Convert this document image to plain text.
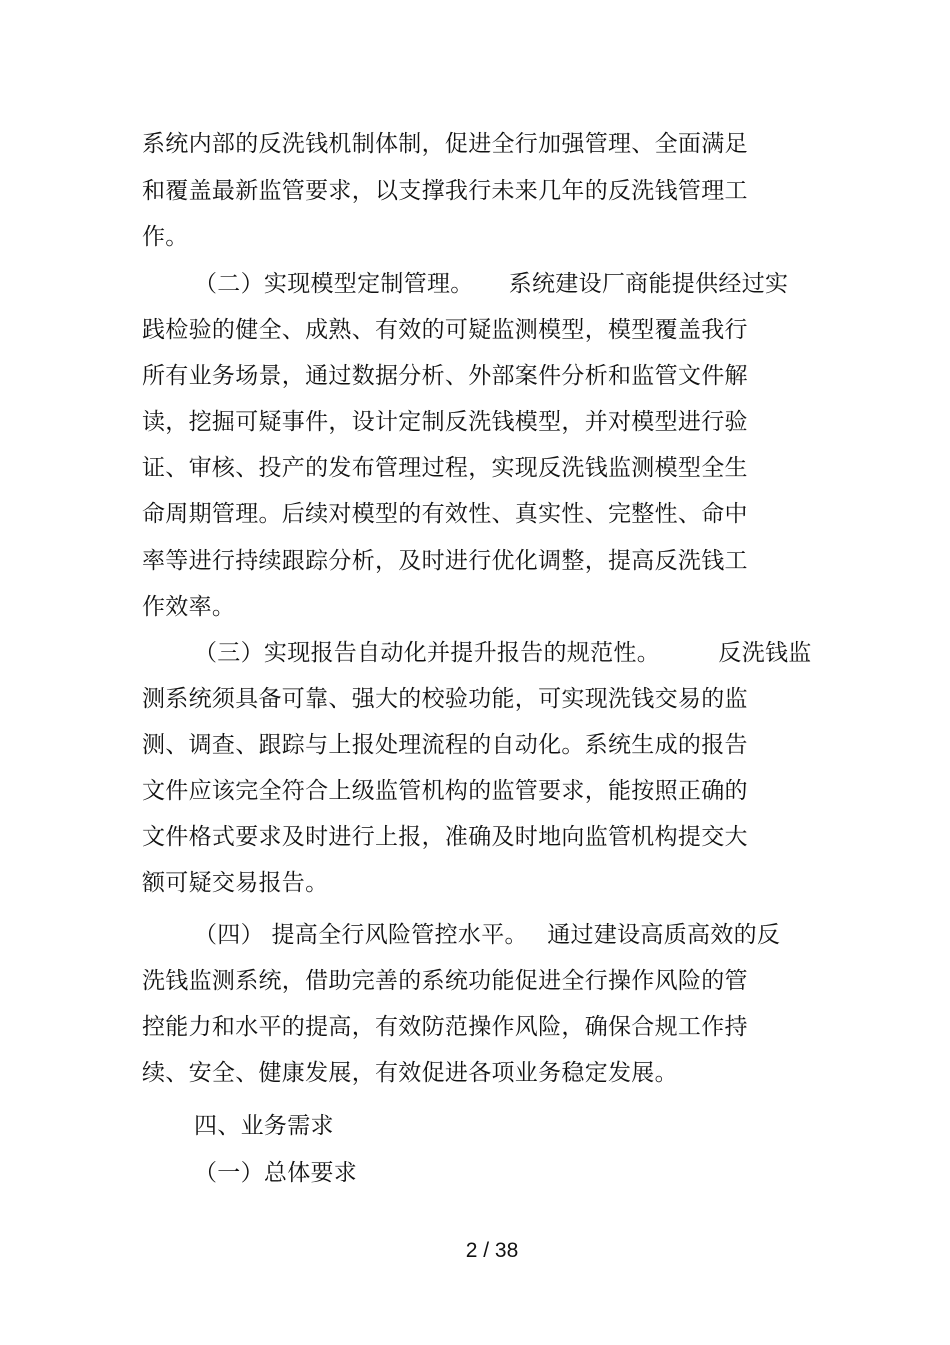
系统内部的反洗钱机制体制，促进全行加强管理、全面满足
和覆盖最新监管要求，以支撑我行未来几年的反洗钱管理工
作。
（二）实现模型定制管理。　　系统建设厂商能提供经过实
践检验的健全、成熟、有效的可疑监测模型，模型覆盖我行
所有业务场景，通过数据分析、外部案件分析和监管文件解
读，挖掘可疑事件，设计定制反洗钱模型，并对模型进行验
证、审核、投产的发布管理过程，实现反洗钱监测模型全生
命周期管理。后续对模型的有效性、真实性、完整性、命中
率等进行持续跟踪分析，及时进行优化调整，提高反洗钱工
作效率。
（三）实现报告自动化并提升报告的规范性。　　　反洗钱监
测系统须具备可靠、强大的校验功能，可实现洗钱交易的监
测、调查、跟踪与上报处理流程的自动化。系统生成的报告
文件应该完全符合上级监管机构的监管要求，能按照正确的
文件格式要求及时进行上报，准确及时地向监管机构提交大
额可疑交易报告。
（四） 提高全行风险管控水平。　 通过建设高质高效的反
洗钱监测系统，借助完善的系统功能促进全行操作风险的管
控能力和水平的提高，有效防范操作风险，确保合规工作持
续、安全、健康发展，有效促进各项业务稳定发展。
四、业务需求
（一）总体要求
2 / 38
